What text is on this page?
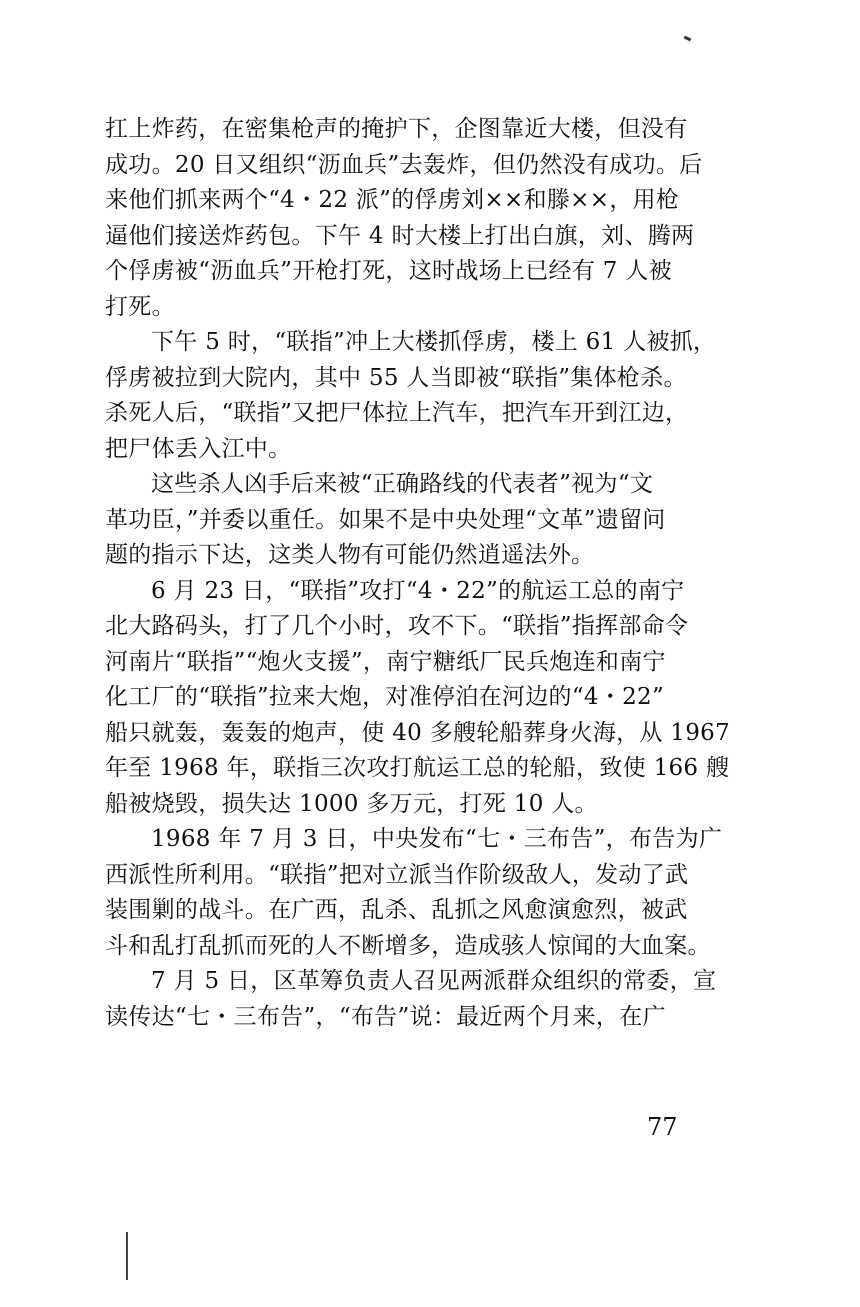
扛上炸药，在密集枪声的掩护下，企图靠近大楼，但没有
成功。20 日又组织“沥血兵”去轰炸，但仍然没有成功。后
来他们抓来两个“4・22 派”的俘虏刘××和滕××，用枪
逼他们接送炸药包。下午 4 时大楼上打出白旗，刘、腾两
个俘虏被“沥血兵”开枪打死，这时战场上已经有 7 人被
打死。
下午 5 时，“联指”冲上大楼抓俘虏，楼上 61 人被抓，
俘虏被拉到大院内，其中 55 人当即被“联指”集体枪杀。
杀死人后，“联指”又把尸体拉上汽车，把汽车开到江边，
把尸体丢入江中。
这些杀人凶手后来被“正确路线的代表者”视为“文
革功臣，”并委以重任。如果不是中央处理“文革”遗留问
题的指示下达，这类人物有可能仍然逍遥法外。
6 月 23 日，“联指”攻打“4・22”的航运工总的南宁
北大路码头，打了几个小时，攻不下。“联指”指挥部命令
河南片“联指”“炮火支援”，南宁糖纸厂民兵炮连和南宁
化工厂的“联指”拉来大炮，对准停泊在河边的“4・22”
船只就轰，轰轰的炮声，使 40 多艘轮船葬身火海，从 1967
年至 1968 年，联指三次攻打航运工总的轮船，致使 166 艘
船被烧毁，损失达 1000 多万元，打死 10 人。
1968 年 7 月 3 日，中央发布“七・三布告”，布告为广
西派性所利用。“联指”把对立派当作阶级敌人，发动了武
装围剿的战斗。在广西，乱杀、乱抓之风愈演愈烈，被武
斗和乱打乱抓而死的人不断增多，造成骇人惊闻的大血案。
7 月 5 日，区革筹负责人召见两派群众组织的常委，宣
读传达“七・三布告”，“布告”说：最近两个月来，在广
77
